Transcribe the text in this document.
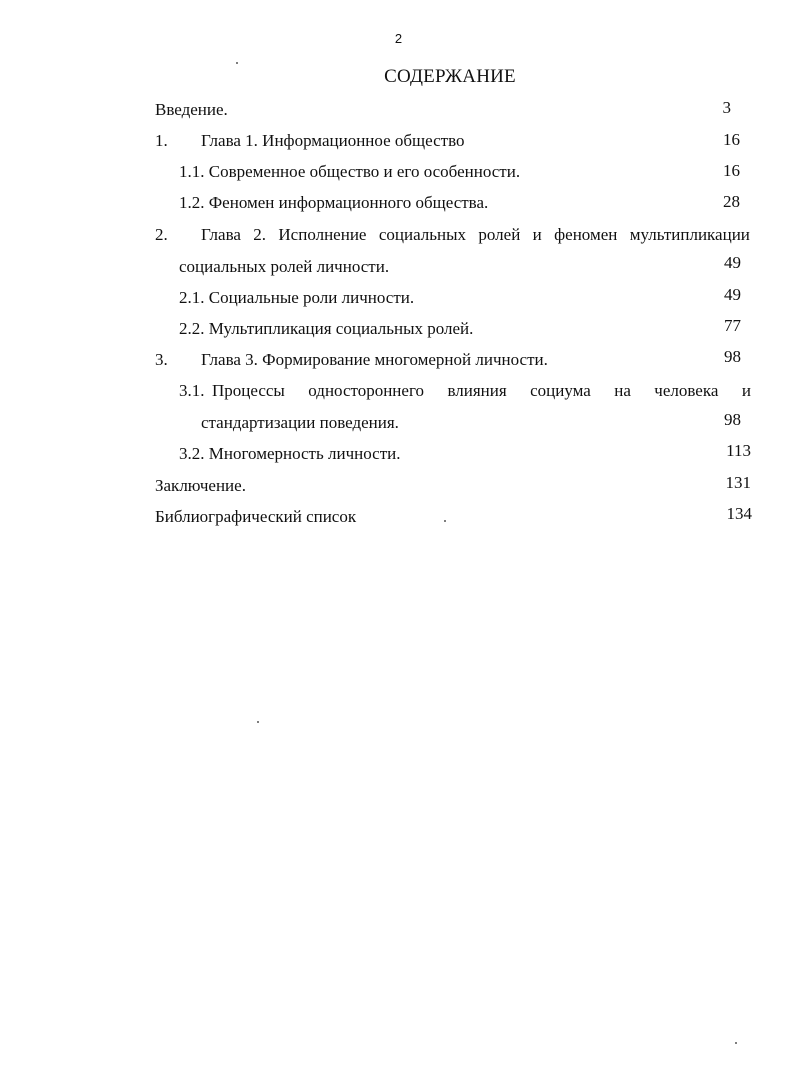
2
СОДЕРЖАНИЕ
Введение.	3
1. Глава 1. Информационное общество	16
1.1. Современное общество и его особенности.	16
1.2. Феномен информационного общества.	28
2. Глава 2. Исполнение социальных ролей и феномен мультипликации
социальных ролей личности.	49
2.1. Социальные роли личности.	49
2.2. Мультипликация социальных ролей.	77
3. Глава 3. Формирование многомерной личности.	98
3.1. Процессы одностороннего влияния социума на человека и
стандартизации поведения.	98
3.2. Многомерность личности.	113
Заключение.	131
Библиографический список	134
